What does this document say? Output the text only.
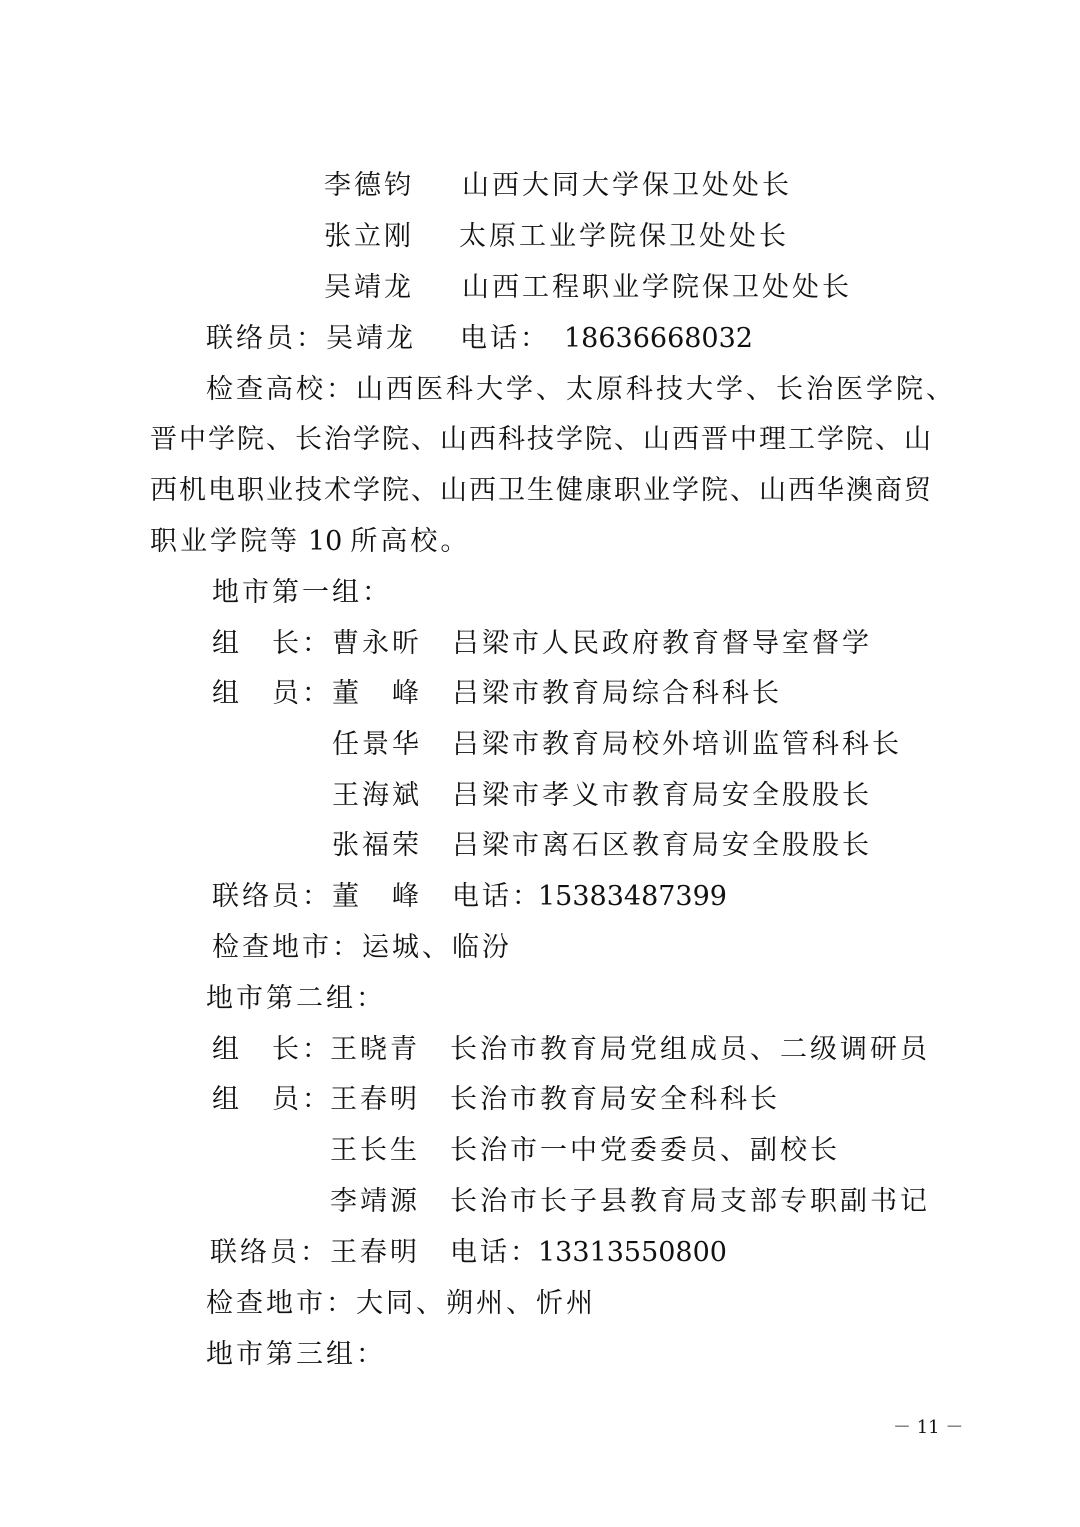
李德钧 山西大同大学保卫处处长
张立刚 太原工业学院保卫处处长
吴靖龙 山西工程职业学院保卫处处长
联络员：吴靖龙 电话： 18636668032
检查高校：山西医科大学、太原科技大学、长治医学院、
晋中学院、长治学院、山西科技学院、山西晋中理工学院、山
西机电职业技术学院、山西卫生健康职业学院、山西华澳商贸
职业学院等 10 所高校。
地市第一组：
组　长： 曹永昕 吕梁市人民政府教育督导室督学
组　员： 董　峰 吕梁市教育局综合科科长
任景华 吕梁市教育局校外培训监管科科长
王海斌 吕梁市孝义市教育局安全股股长
张福荣 吕梁市离石区教育局安全股股长
联络员：董　峰 电话：
15383487399
检查地市：运城、临汾
地市第二组：
组　长：
王晓青 长治市教育局党组成员、二级调研员
组　员：
王春明 长治市教育局安全科科长
王长生 长治市一中党委委员、副校长
李靖源 长治市长子县教育局支部专职副书记
联络员：王春明 电话：
13313550800
检查地市：大同、朔州、忻州
地市第三组：
－ 11 －
